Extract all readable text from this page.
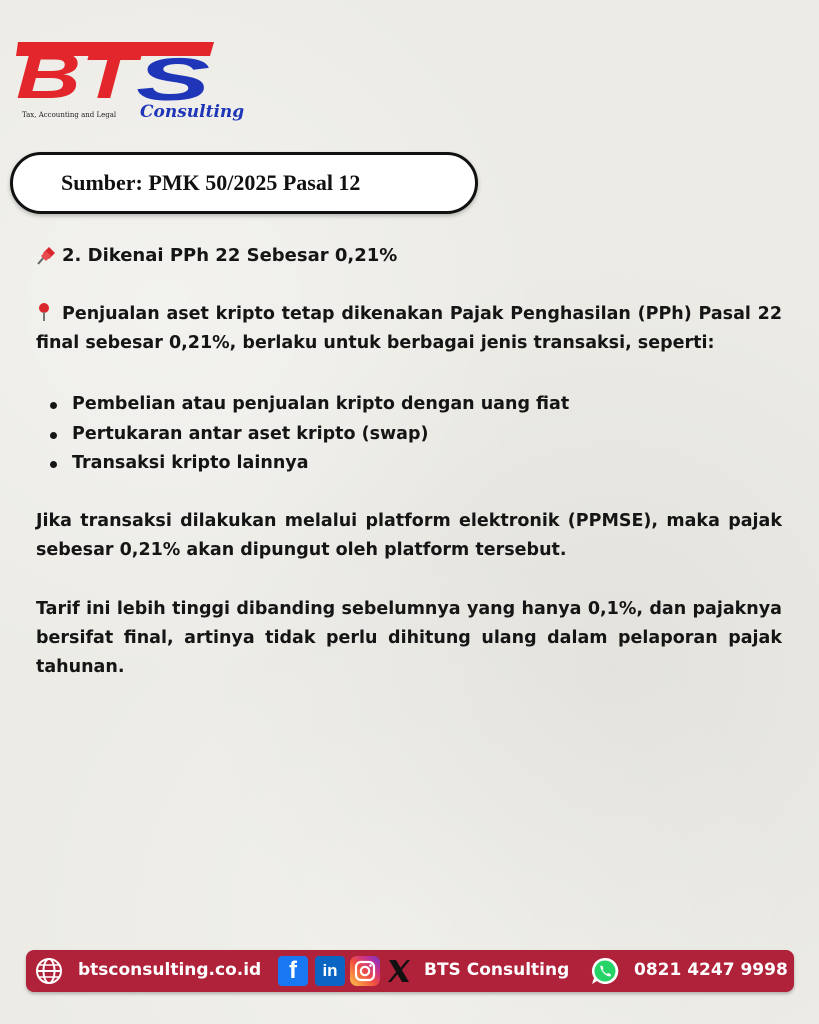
BT
S
Tax, Accounting and Legal Consulting
Sumber: PMK 50/2025 Pasal 12
2. Dikenai PPh 22 Sebesar 0,21%

Penjualan aset kripto tetap dikenakan Pajak Penghasilan (PPh) Pasal 22 final sebesar 0,21%, berlaku untuk berbagai jenis transaksi, seperti:

Pembelian atau penjualan kripto dengan uang fiat
Pertukaran antar aset kripto (swap)
Transaksi kripto lainnya

Jika transaksi dilakukan melalui platform elektronik (PPMSE), maka pajak sebesar 0,21% akan dipungut oleh platform tersebut.

Tarif ini lebih tinggi dibanding sebelumnya yang hanya 0,1%, dan pajaknya bersifat final, artinya tidak perlu dihitung ulang dalam pelaporan pajak tahunan.

btsconsulting.co.id	f	in	BTS Consulting	0821 4247 9998
